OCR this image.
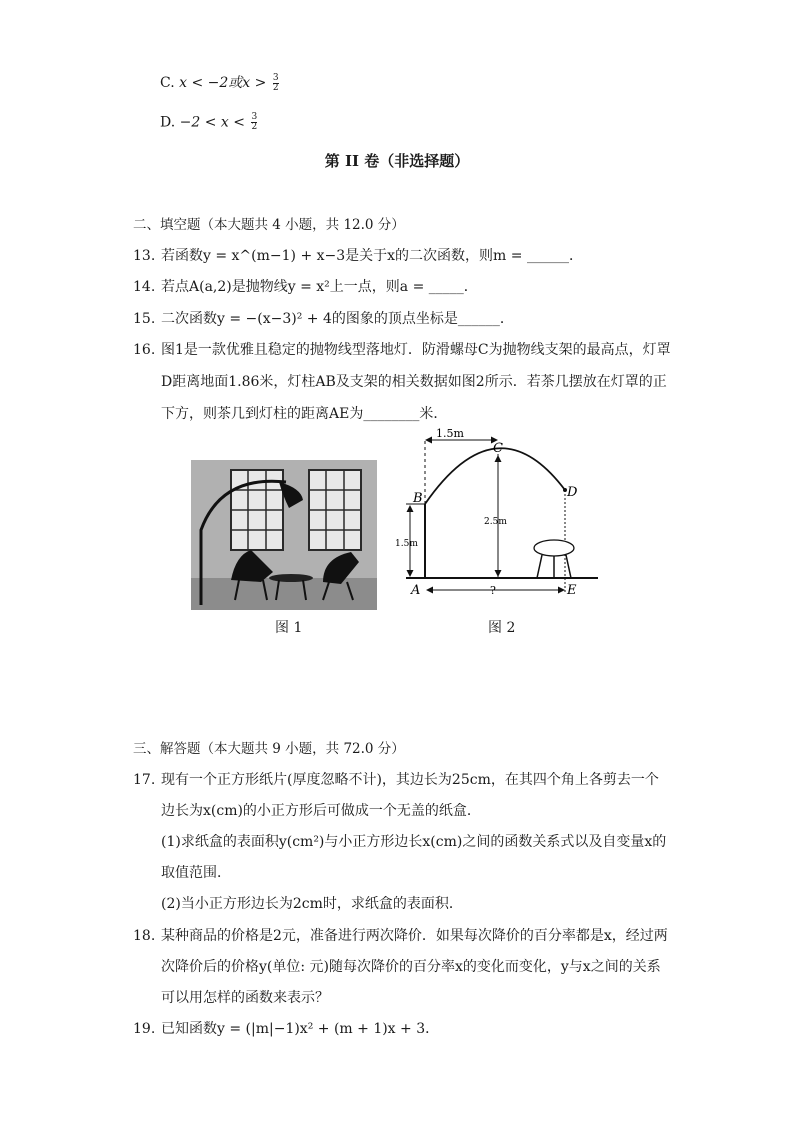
C. x < −2或$x > \frac{3}{2}$
D. $-2 < x < \frac{3}{2}$
第 II 卷（非选择题）
二、填空题（本大题共 4 小题，共 12.0 分）
13. 若函数y = x^(m−1) + x−3是关于x的二次函数，则m = ______．
14. 若点A(a,2)是抛物线y = x²上一点，则a = _____．
15. 二次函数y = −(x−3)² + 4的图象的顶点坐标是______．
16. 图1是一款优雅且稳定的抛物线型落地灯．防滑螺母C为抛物线支架的最高点，灯罩
D距离地面1.86米，灯柱AB及支架的相关数据如图2所示．若茶几摆放在灯罩的正
下方，则茶几到灯柱的距离AE为________米．
图 1
1.5m
C
D
B
1.5m
2.5m
A	?	E
图 2
三、解答题（本大题共 9 小题，共 72.0 分）
17. 现有一个正方形纸片(厚度忽略不计)，其边长为25cm，在其四个角上各剪去一个
边长为x(cm)的小正方形后可做成一个无盖的纸盒．
(1)求纸盒的表面积y(cm²)与小正方形边长x(cm)之间的函数关系式以及自变量x的
取值范围．
(2)当小正方形边长为2cm时，求纸盒的表面积．
18. 某种商品的价格是2元，准备进行两次降价．如果每次降价的百分率都是x，经过两
次降价后的价格y(单位: 元)随每次降价的百分率x的变化而变化，y与x之间的关系
可以用怎样的函数来表示？
19. 已知函数y = (|m|−1)x² + (m + 1)x + 3．
